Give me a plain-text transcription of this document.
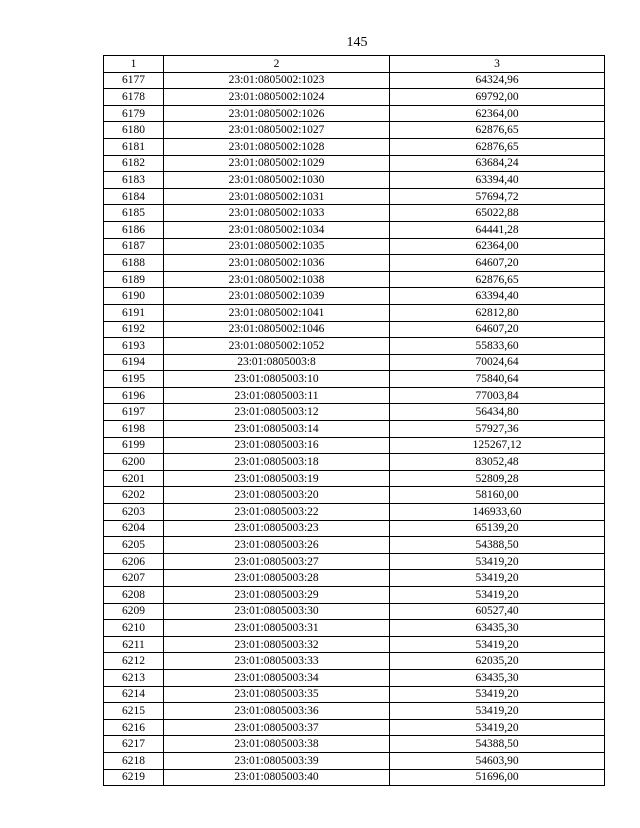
145
1	2	3
6177	23:01:0805002:1023	64324,96
6178	23:01:0805002:1024	69792,00
6179	23:01:0805002:1026	62364,00
6180	23:01:0805002:1027	62876,65
6181	23:01:0805002:1028	62876,65
6182	23:01:0805002:1029	63684,24
6183	23:01:0805002:1030	63394,40
6184	23:01:0805002:1031	57694,72
6185	23:01:0805002:1033	65022,88
6186	23:01:0805002:1034	64441,28
6187	23:01:0805002:1035	62364,00
6188	23:01:0805002:1036	64607,20
6189	23:01:0805002:1038	62876,65
6190	23:01:0805002:1039	63394,40
6191	23:01:0805002:1041	62812,80
6192	23:01:0805002:1046	64607,20
6193	23:01:0805002:1052	55833,60
6194	23:01:0805003:8	70024,64
6195	23:01:0805003:10	75840,64
6196	23:01:0805003:11	77003,84
6197	23:01:0805003:12	56434,80
6198	23:01:0805003:14	57927,36
6199	23:01:0805003:16	125267,12
6200	23:01:0805003:18	83052,48
6201	23:01:0805003:19	52809,28
6202	23:01:0805003:20	58160,00
6203	23:01:0805003:22	146933,60
6204	23:01:0805003:23	65139,20
6205	23:01:0805003:26	54388,50
6206	23:01:0805003:27	53419,20
6207	23:01:0805003:28	53419,20
6208	23:01:0805003:29	53419,20
6209	23:01:0805003:30	60527,40
6210	23:01:0805003:31	63435,30
6211	23:01:0805003:32	53419,20
6212	23:01:0805003:33	62035,20
6213	23:01:0805003:34	63435,30
6214	23:01:0805003:35	53419,20
6215	23:01:0805003:36	53419,20
6216	23:01:0805003:37	53419,20
6217	23:01:0805003:38	54388,50
6218	23:01:0805003:39	54603,90
6219	23:01:0805003:40	51696,00
